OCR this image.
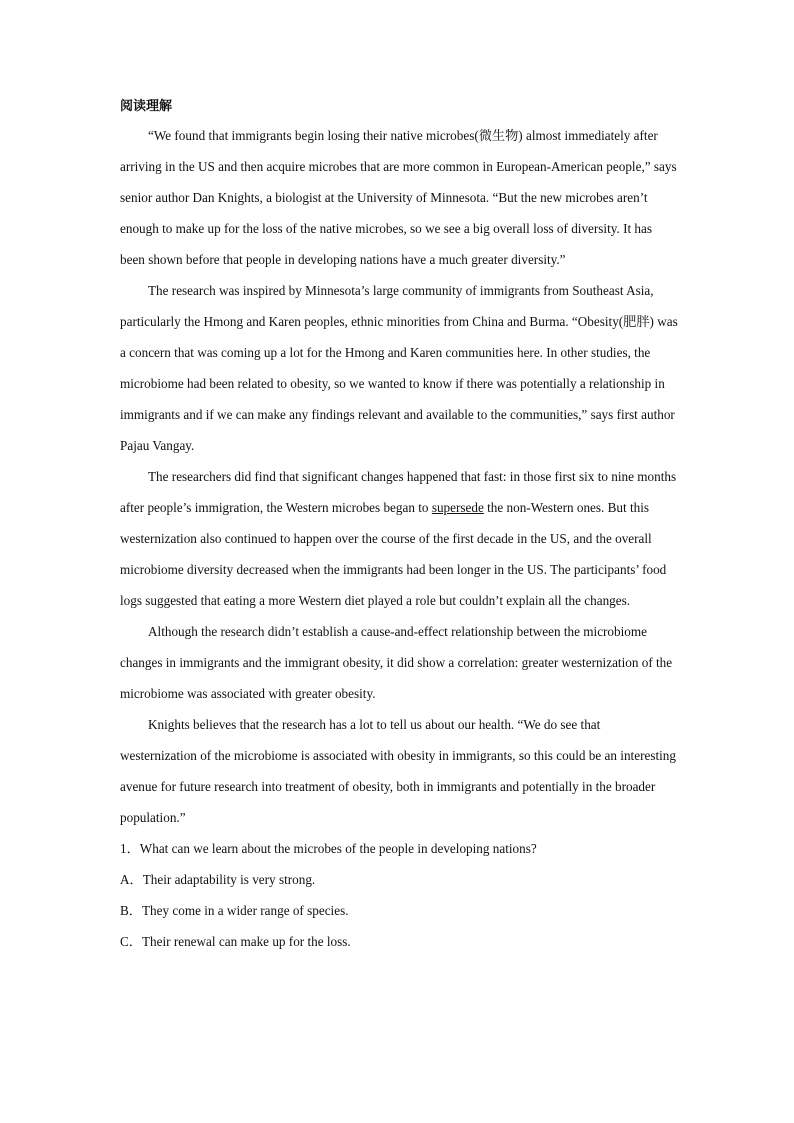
阅读理解

“We found that immigrants begin losing their native microbes(微生物) almost immediately after arriving in the US and then acquire microbes that are more common in European-American people,” says senior author Dan Knights, a biologist at the University of Minnesota. “But the new microbes aren’t enough to make up for the loss of the native microbes, so we see a big overall loss of diversity. It has been shown before that people in developing nations have a much greater diversity.”

The research was inspired by Minnesota’s large community of immigrants from Southeast Asia, particularly the Hmong and Karen peoples, ethnic minorities from China and Burma. “Obesity(肥胖) was a concern that was coming up a lot for the Hmong and Karen communities here. In other studies, the microbiome had been related to obesity, so we wanted to know if there was potentially a relationship in immigrants and if we can make any findings relevant and available to the communities,” says first author Pajau Vangay.

The researchers did find that significant changes happened that fast: in those first six to nine months after people’s immigration, the Western microbes began to supersede the non-Western ones. But this westernization also continued to happen over the course of the first decade in the US, and the overall microbiome diversity decreased when the immigrants had been longer in the US. The participants’ food logs suggested that eating a more Western diet played a role but couldn’t explain all the changes.

Although the research didn’t establish a cause-and-effect relationship between the microbiome changes in immigrants and the immigrant obesity, it did show a correlation: greater westernization of the microbiome was associated with greater obesity.

Knights believes that the research has a lot to tell us about our health. “We do see that westernization of the microbiome is associated with obesity in immigrants, so this could be an interesting avenue for future research into treatment of obesity, both in immigrants and potentially in the broader population.”

1．What can we learn about the microbes of the people in developing nations?

A．Their adaptability is very strong.

B．They come in a wider range of species.

C．Their renewal can make up for the loss.
